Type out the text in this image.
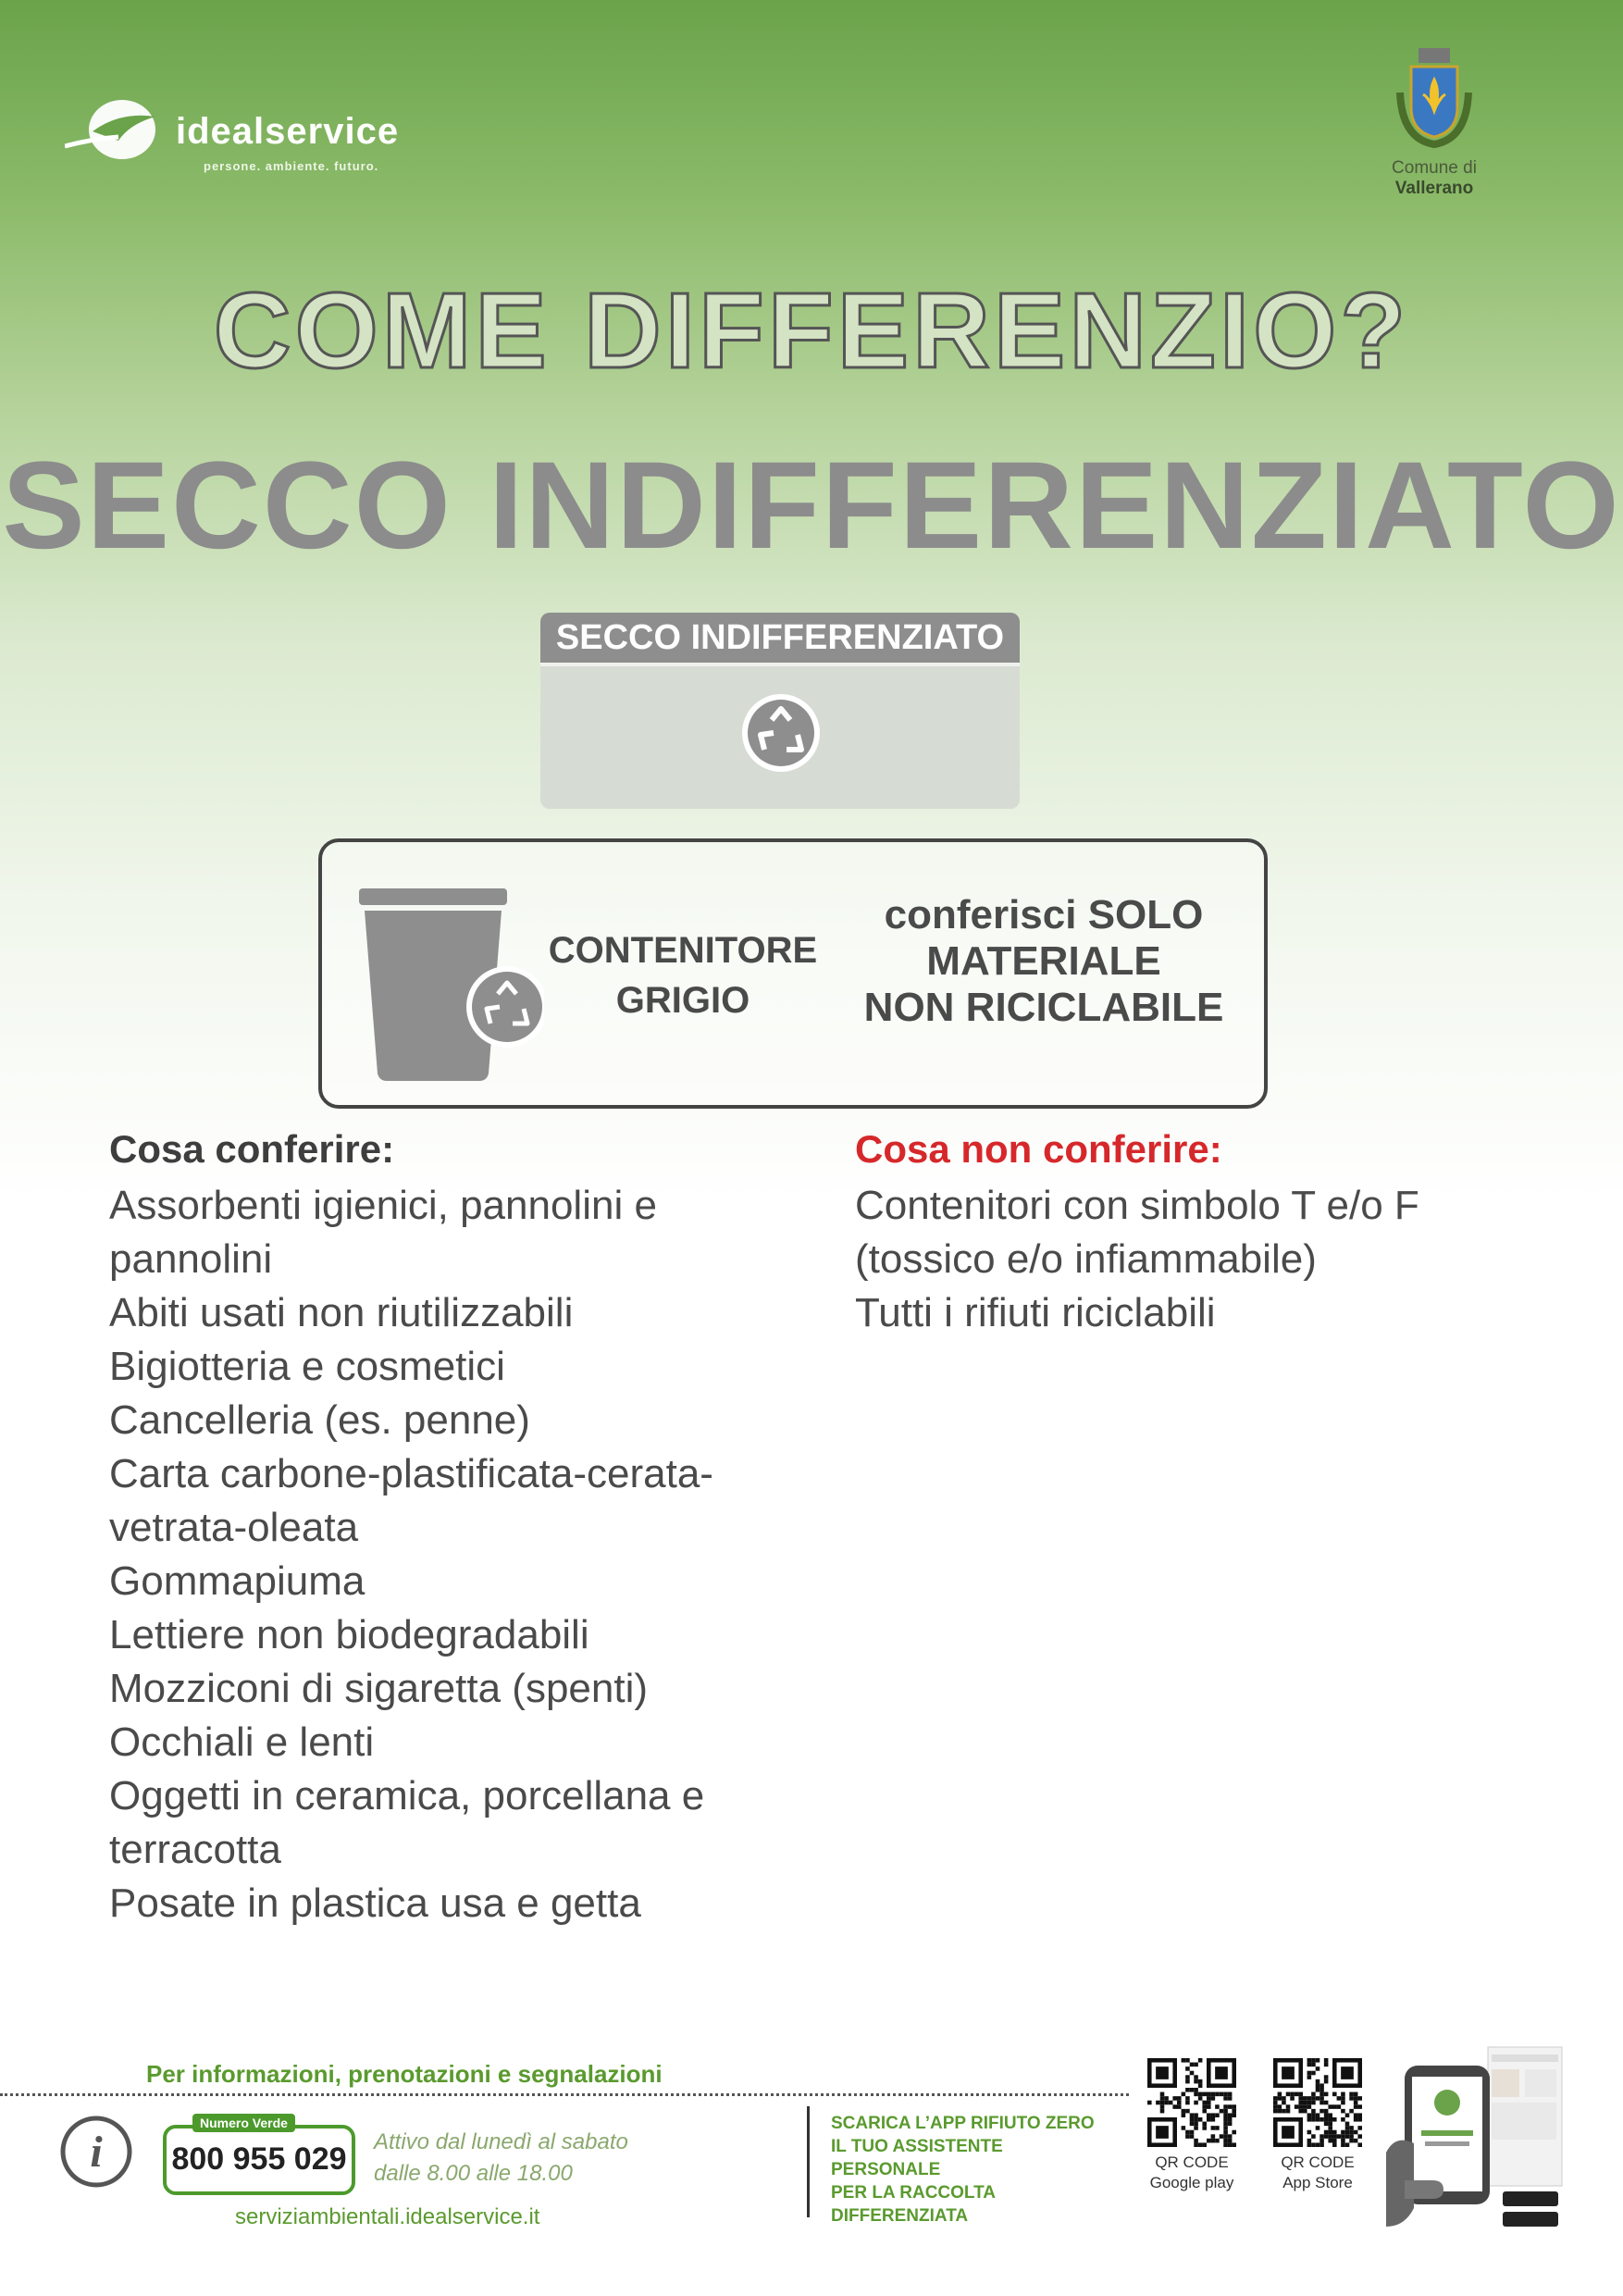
idealservice
persone. ambiente. futuro.	Comune di
Vallerano
COME DIFFERENZIO?
SECCO INDIFFERENZIATO
SECCO INDIFFERENZIATO
CONTENITORE
GRIGIO
conferisci SOLO
MATERIALE
NON RICICLABILE
Cosa conferire:
Assorbenti igienici, pannolini e
pannolini
Abiti usati non riutilizzabili
Bigiotteria e cosmetici
Cancelleria (es. penne)
Carta carbone-plastificata-cerata-
vetrata-oleata
Gommapiuma
Lettiere non biodegradabili
Mozziconi di sigaretta (spenti)
Occhiali e lenti
Oggetti in ceramica, porcellana e
terracotta
Posate in plastica usa e getta
Cosa non conferire:
Contenitori con simbolo T e/o F
(tossico e/o infiammabile)
Tutti i rifiuti riciclabili
Per informazioni, prenotazioni e segnalazioni
i
Numero Verde
800 955 029 Attivo dal lunedì al sabato
dalle 8.00 alle 18.00
serviziambientali.idealservice.it
SCARICA L’APP RIFIUTO ZERO
IL TUO ASSISTENTE
PERSONALE
PER LA RACCOLTA
DIFFERENZIATA
QR CODE
Google play
QR CODE
App Store
